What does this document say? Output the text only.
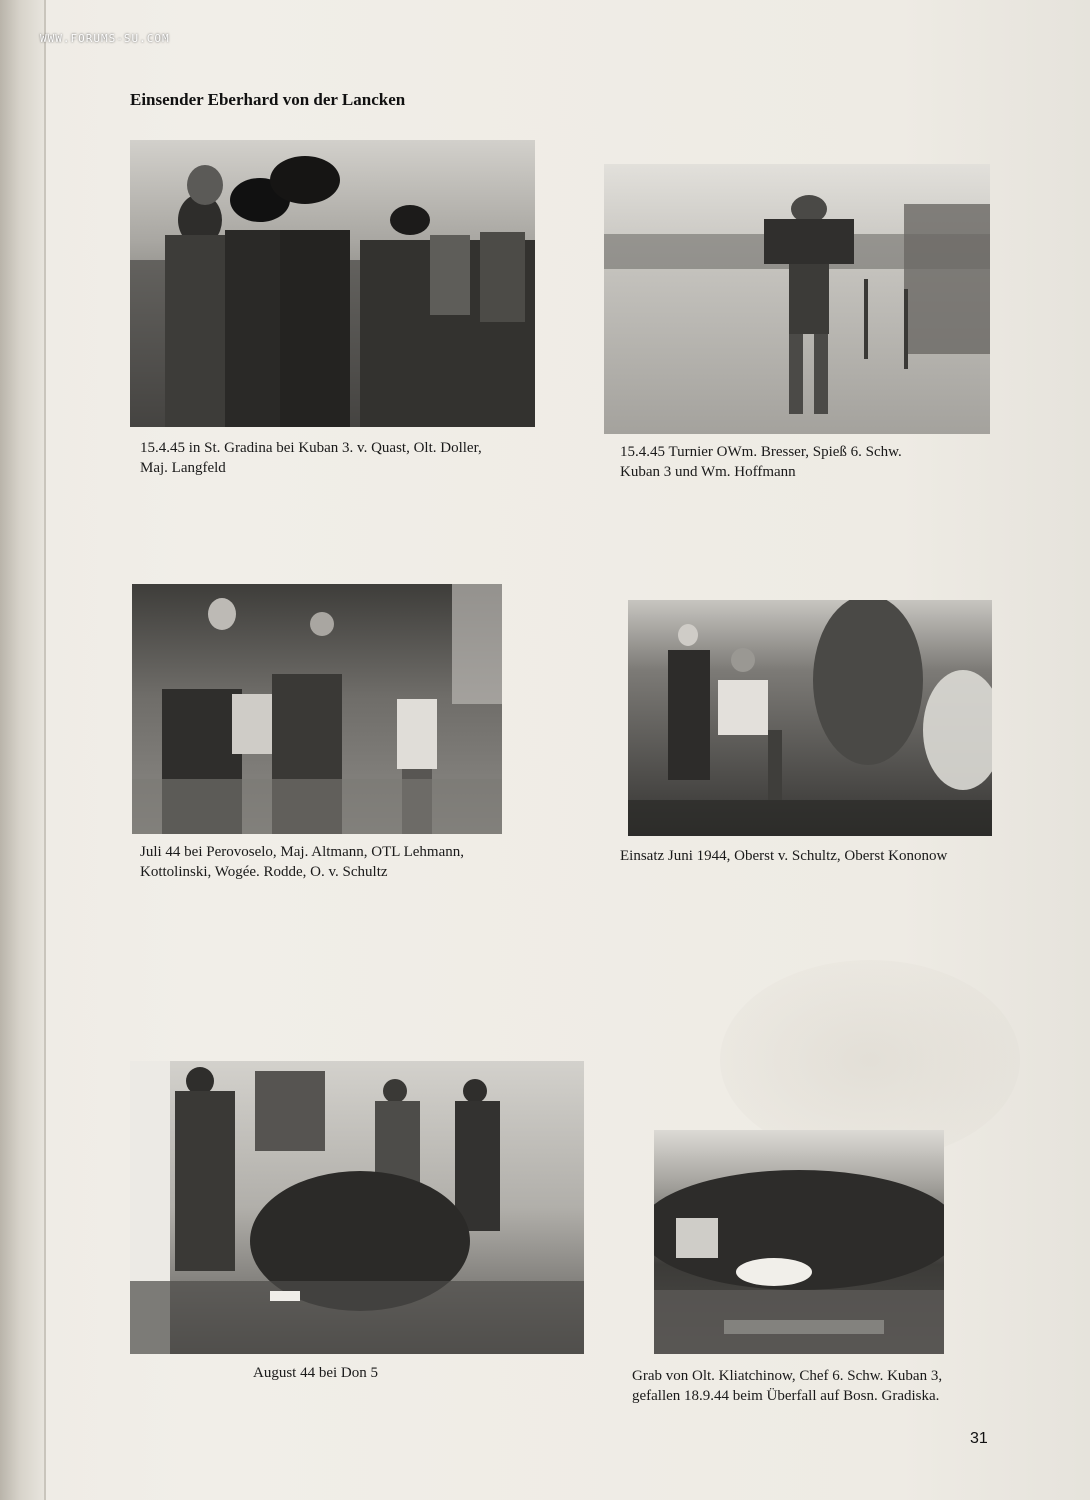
WWW.FORUMS-SU.COM
Einsender Eberhard von der Lancken
15.4.45 in St. Gradina bei Kuban 3. v. Quast, Olt. Doller,
Maj. Langfeld
15.4.45 Turnier OWm. Bresser, Spieß 6. Schw.
Kuban 3 und Wm. Hoffmann
Juli 44 bei Perovoselo, Maj. Altmann, OTL Lehmann,
Kottolinski, Wogée. Rodde, O. v. Schultz
Einsatz Juni 1944, Oberst v. Schultz, Oberst Kononow
August 44 bei Don 5	Grab von Olt. Kliatchinow, Chef 6. Schw. Kuban 3,
gefallen 18.9.44 beim Überfall auf Bosn. Gradiska.
31
